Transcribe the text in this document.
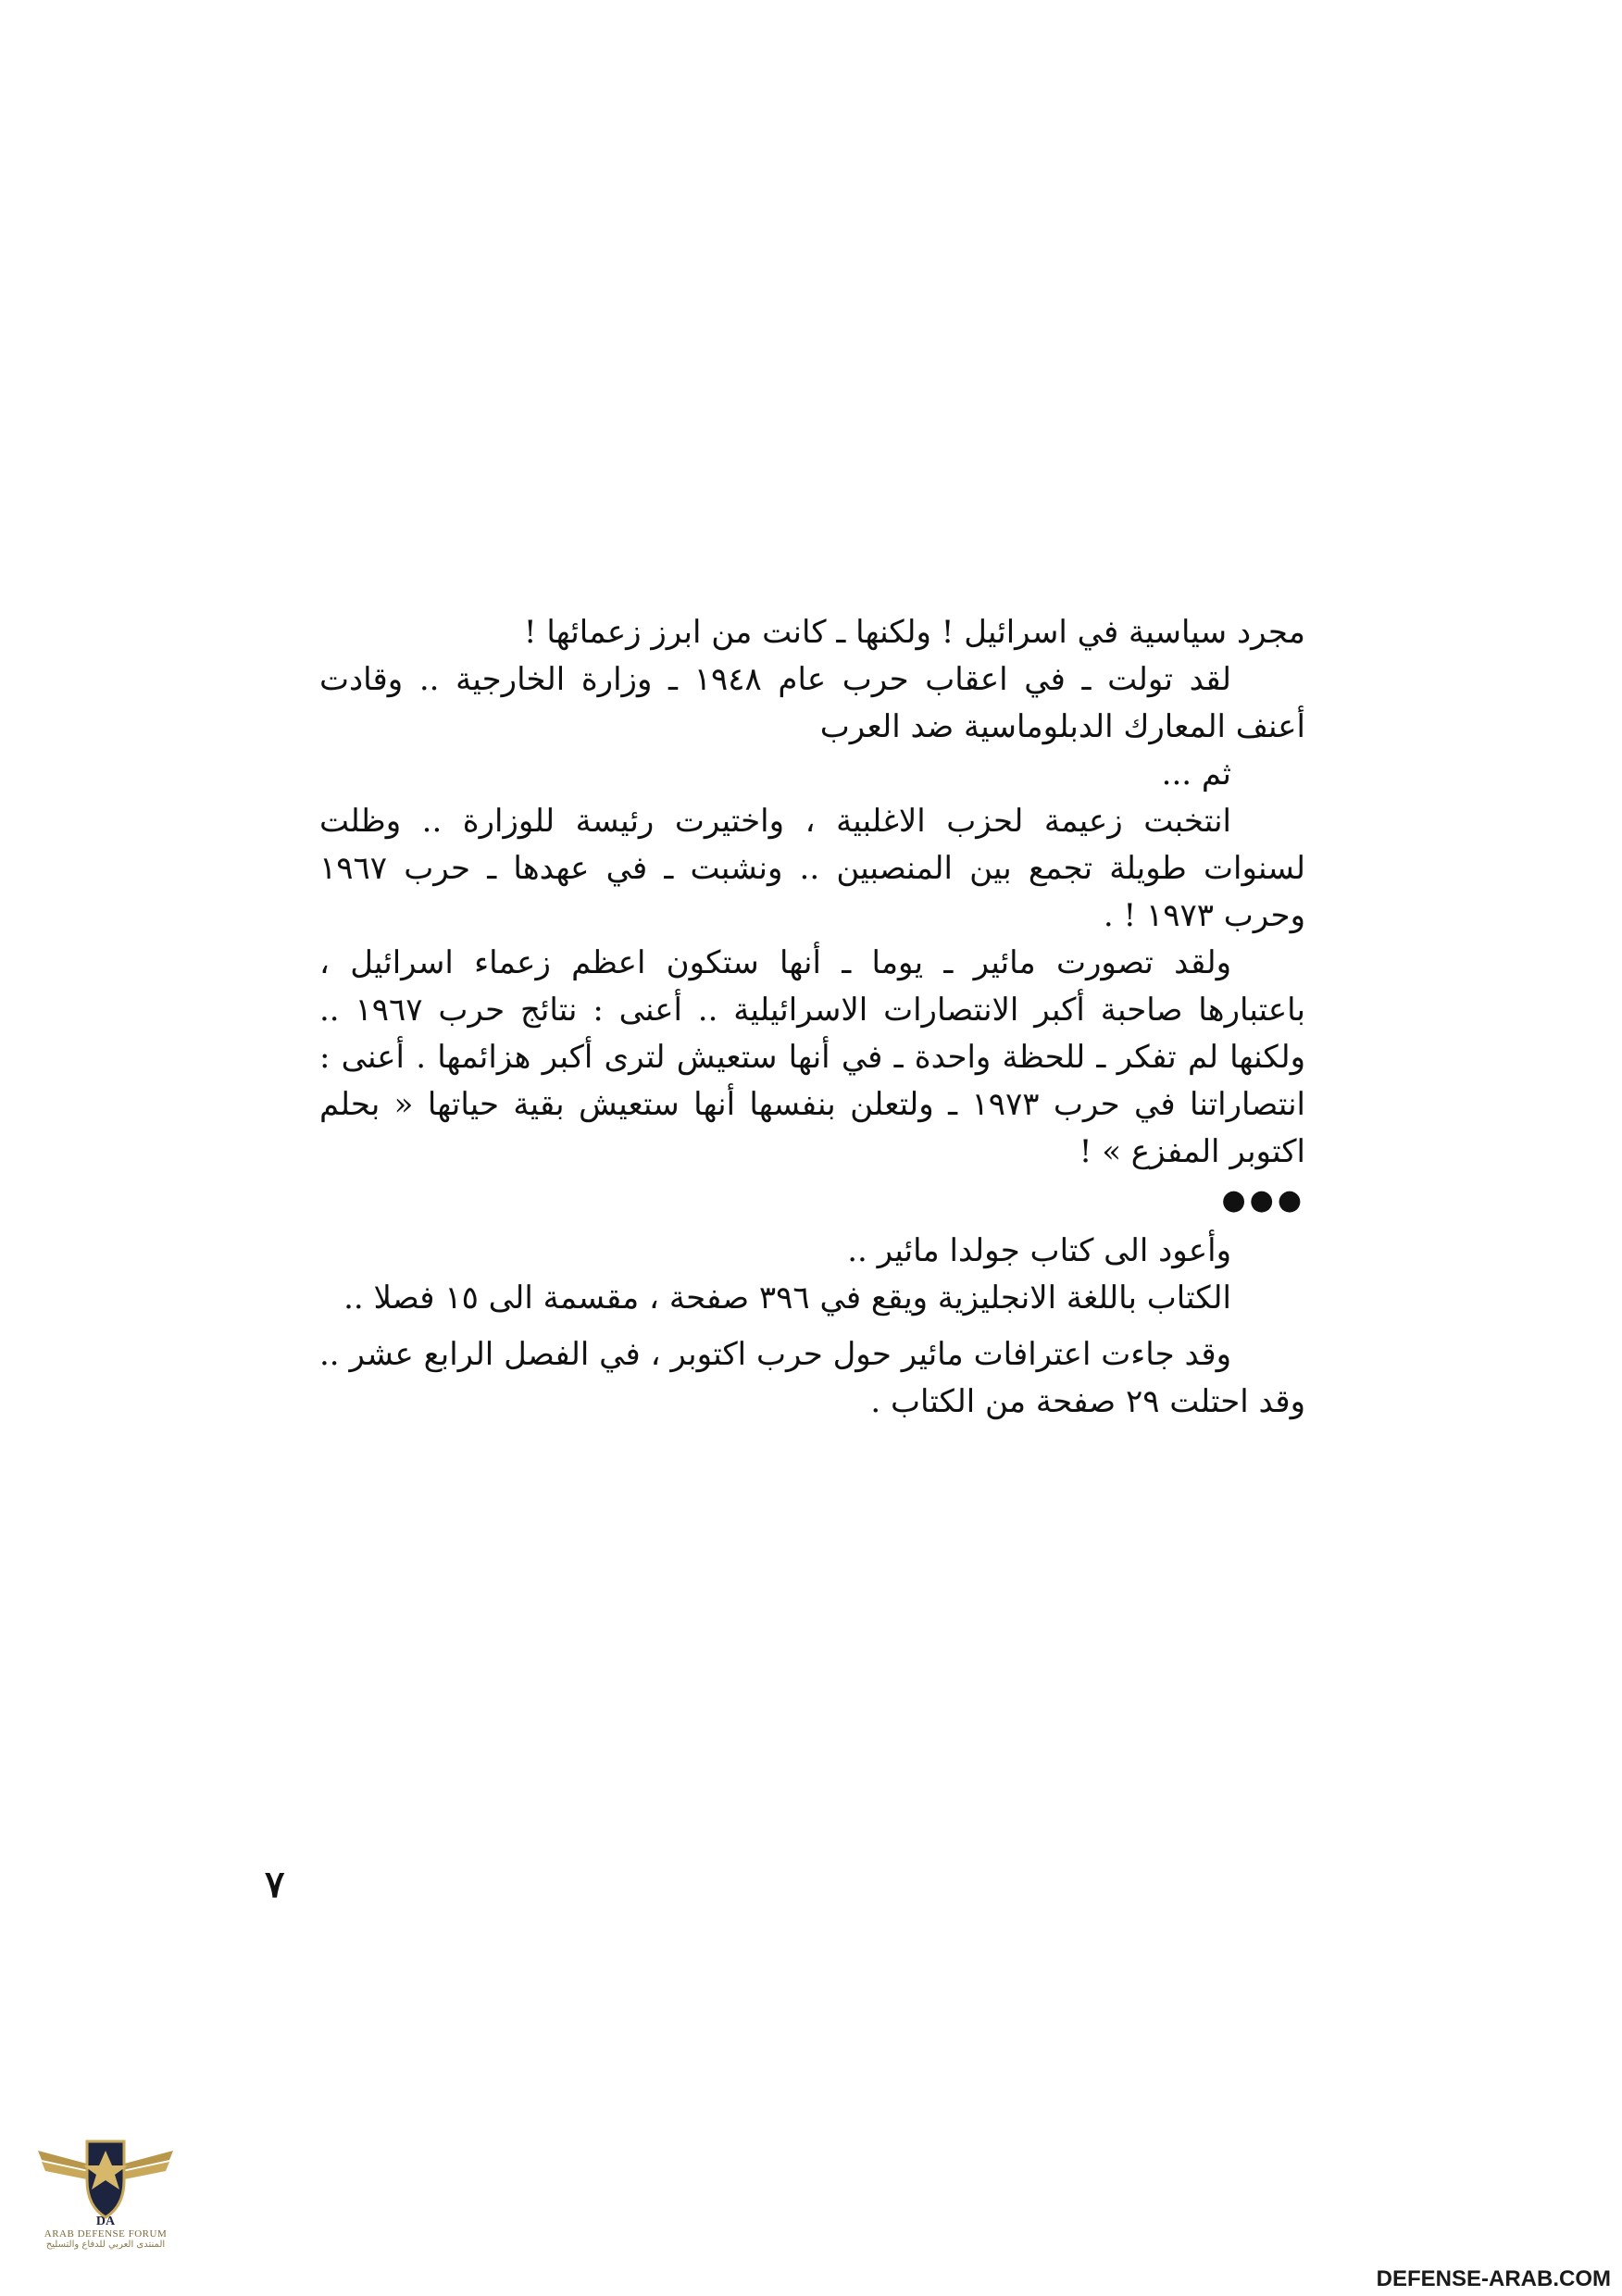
مجرد سياسية في اسرائيل ! ولكنها ـ كانت من ابرز زعمائها !

لقد تولت ـ في اعقاب حرب عام ١٩٤٨ ـ وزارة الخارجية .. وقادت أعنف المعارك الدبلوماسية ضد العرب

ثم ...

انتخبت زعيمة لحزب الاغلبية ، واختيرت رئيسة للوزارة .. وظلت لسنوات طويلة تجمع بين المنصبين .. ونشبت ـ في عهدها ـ حرب ١٩٦٧ وحرب ١٩٧٣ ! .

ولقد تصورت مائير ـ يوما ـ أنها ستكون اعظم زعماء اسرائيل ، باعتبارها صاحبة أكبر الانتصارات الاسرائيلية .. أعنى : نتائج حرب ١٩٦٧ .. ولكنها لم تفكر ـ للحظة واحدة ـ في أنها ستعيش لترى أكبر هزائمها . أعنى : انتصاراتنا في حرب ١٩٧٣ ـ ولتعلن بنفسها أنها ستعيش بقية حياتها « بحلم اكتوبر المفزع » !

●●●

وأعود الى كتاب جولدا مائير ..

الكتاب باللغة الانجليزية ويقع في ٣٩٦ صفحة ، مقسمة الى ١٥ فصلا ..

وقد جاءت اعترافات مائير حول حرب اكتوبر ، في الفصل الرابع عشر .. وقد احتلت ٢٩ صفحة من الكتاب .

٧
DA
ARAB DEFENSE FORUM
المنتدى العربي للدفاع والتسليح
DEFENSE-ARAB.COM
